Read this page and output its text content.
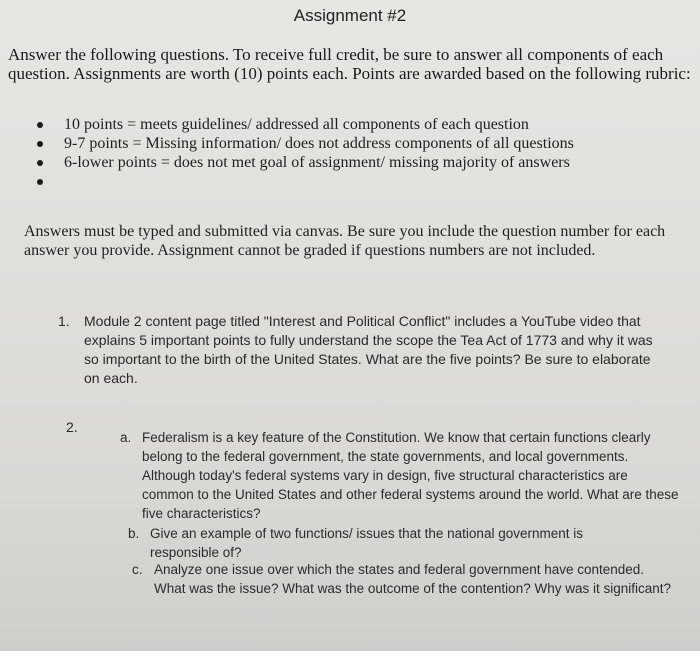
Assignment #2
Answer the following questions. To receive full credit, be sure to answer all components of each question. Assignments are worth (10) points each. Points are awarded based on the following rubric:
10 points = meets guidelines/ addressed all components of each question
9-7 points = Missing information/ does not address components of all questions
6-lower points = does not met goal of assignment/ missing majority of answers
Answers must be typed and submitted via canvas. Be sure you include the question number for each answer you provide. Assignment cannot be graded if questions numbers are not included.
1. Module 2 content page titled "Interest and Political Conflict" includes a YouTube video that explains 5 important points to fully understand the scope the Tea Act of 1773 and why it was so important to the birth of the United States. What are the five points? Be sure to elaborate on each.
2.
a. Federalism is a key feature of the Constitution. We know that certain functions clearly belong to the federal government, the state governments, and local governments. Although today's federal systems vary in design, five structural characteristics are common to the United States and other federal systems around the world. What are these five characteristics?
b. Give an example of two functions/ issues that the national government is responsible of?
c. Analyze one issue over which the states and federal government have contended. What was the issue? What was the outcome of the contention? Why was it significant?
